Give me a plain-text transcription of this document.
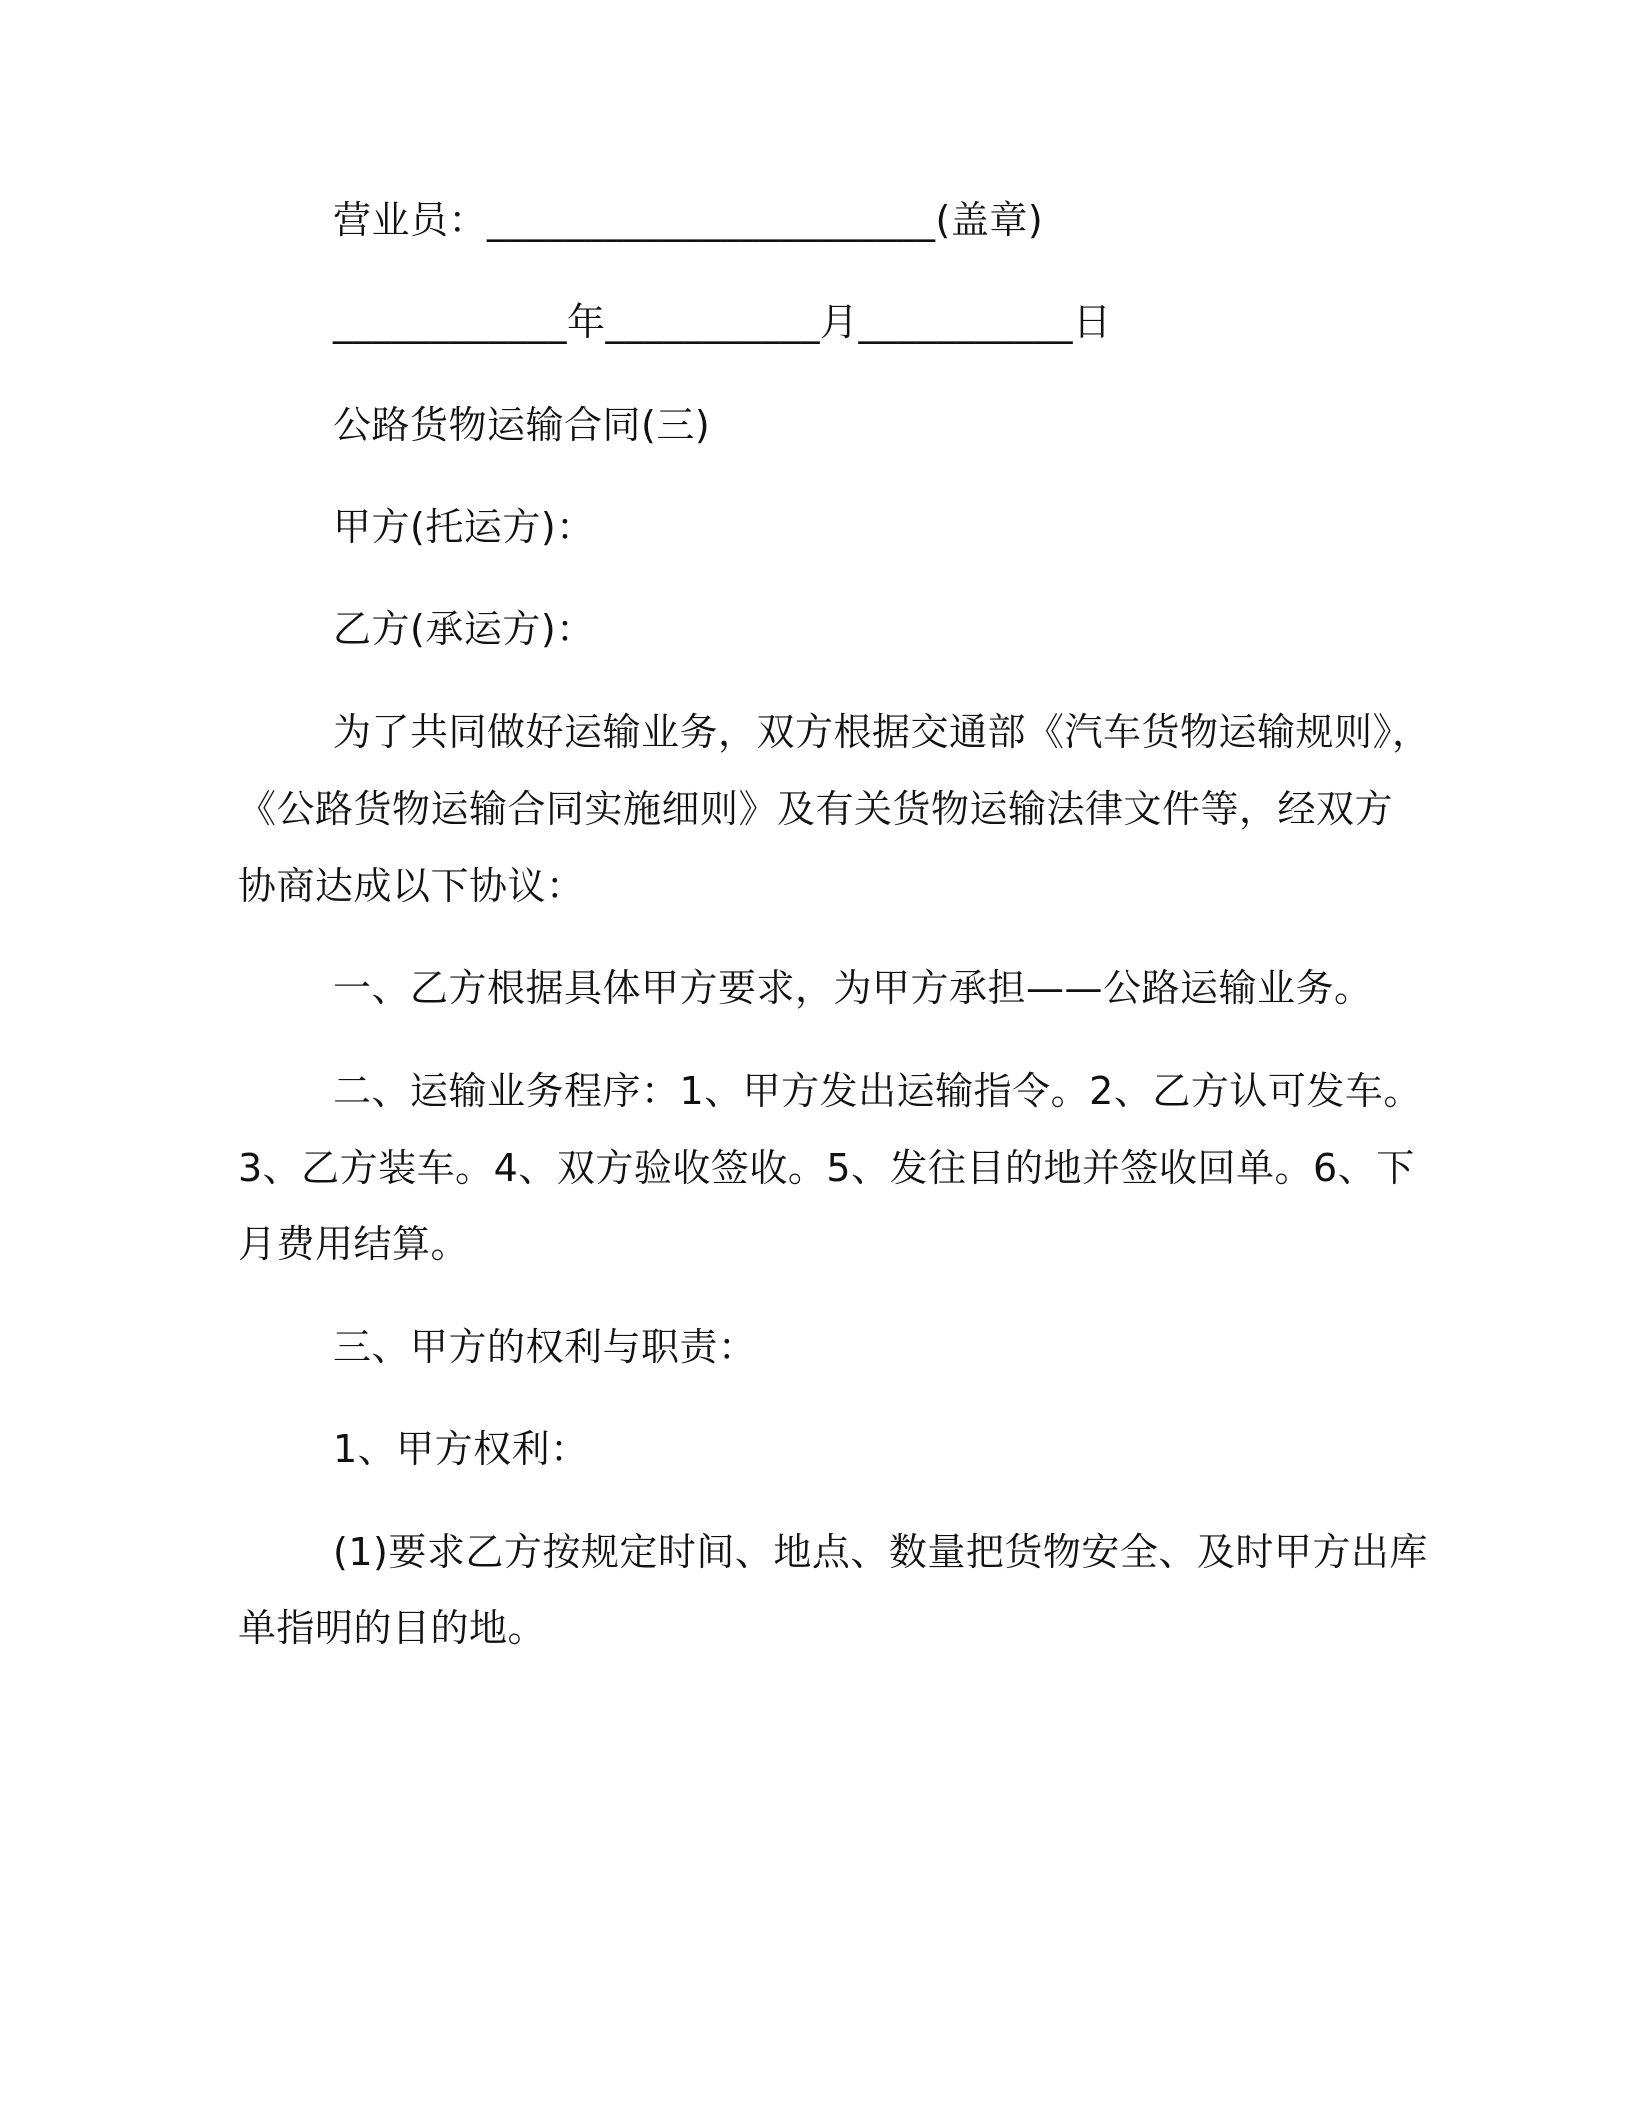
营业员：_______________________(盖章)
____________年___________月___________日
公路货物运输合同(三)
甲方(托运方)：
乙方(承运方)：
为了共同做好运输业务，双方根据交通部《汽车货物运输规则》，
《公路货物运输合同实施细则》及有关货物运输法律文件等，经双方
协商达成以下协议：
一、乙方根据具体甲方要求，为甲方承担——公路运输业务。
二、运输业务程序：1、甲方发出运输指令。2、乙方认可发车。
3、乙方装车。4、双方验收签收。5、发往目的地并签收回单。6、下
月费用结算。
三、甲方的权利与职责：
1、甲方权利：
(1)要求乙方按规定时间、地点、数量把货物安全、及时甲方出库
单指明的目的地。
